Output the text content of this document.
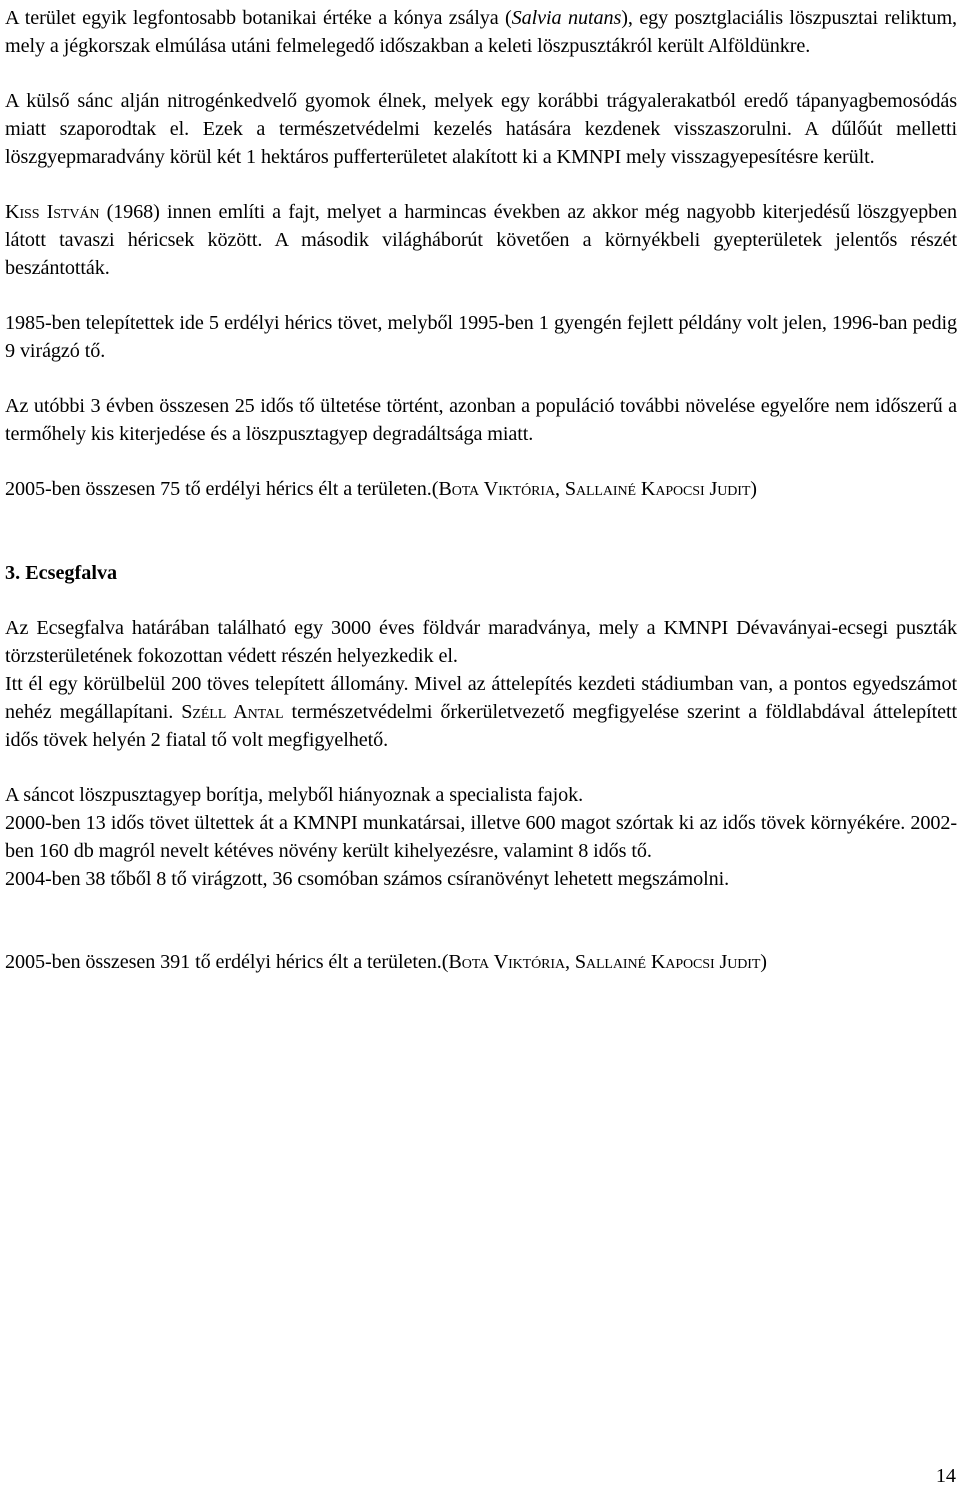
A terület egyik legfontosabb botanikai értéke a kónya zsálya (Salvia nutans), egy posztglaciális löszpusztai reliktum, mely a jégkorszak elmúlása utáni felmelegedő időszakban a keleti löszpusztákról került Alföldünkre.

A külső sánc alján nitrogénkedvelő gyomok élnek, melyek egy korábbi trágyalerakatból eredő tápanyagbemosódás miatt szaporodtak el. Ezek a természetvédelmi kezelés hatására kezdenek visszaszorulni. A dűlőút melletti löszgyepmaradvány körül két 1 hektáros pufferterületet alakított ki a KMNPI mely visszagyepesítésre került.

Kiss István (1968) innen említi a fajt, melyet a harmincas években az akkor még nagyobb kiterjedésű löszgyepben látott tavaszi héricsek között. A második világháborút követően a környékbeli gyepterületek jelentős részét beszántották.

1985-ben telepítettek ide 5 erdélyi hérics tövet, melyből 1995-ben 1 gyengén fejlett példány volt jelen, 1996-ban pedig 9 virágzó tő.

Az utóbbi 3 évben összesen 25 idős tő ültetése történt, azonban a populáció további növelése egyelőre nem időszerű a termőhely kis kiterjedése és a löszpusztagyep degradáltsága miatt.

2005-ben összesen 75 tő erdélyi hérics élt a területen.(Bota Viktória, Sallainé Kapocsi Judit)

3. Ecsegfalva

Az Ecsegfalva határában található egy 3000 éves földvár maradványa, mely a KMNPI Dévaványai-ecsegi puszták törzsterületének fokozottan védett részén helyezkedik el.

Itt él egy körülbelül 200 töves telepített állomány. Mivel az áttelepítés kezdeti stádiumban van, a pontos egyedszámot nehéz megállapítani. Széll Antal természetvédelmi őrkerületvezető megfigyelése szerint a földlabdával áttelepített idős tövek helyén 2 fiatal tő volt megfigyelhető.

A sáncot löszpusztagyep borítja, melyből hiányoznak a specialista fajok.

2000-ben 13 idős tövet ültettek át a KMNPI munkatársai, illetve 600 magot szórtak ki az idős tövek környékére. 2002-ben 160 db magról nevelt kétéves növény került kihelyezésre, valamint 8 idős tő.

2004-ben 38 tőből 8 tő virágzott, 36 csomóban számos csíranövényt lehetett megszámolni.

2005-ben összesen 391 tő erdélyi hérics élt a területen.(Bota Viktória, Sallainé Kapocsi Judit)

14
